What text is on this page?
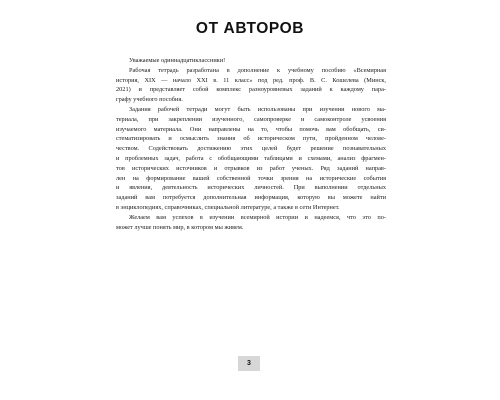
ОТ АВТОРОВ

Уважаемые одиннадцатиклассники!

Рабочая тетрадь разработана в дополнение к учебному пособию «Всемирная
история, XIX — начало XXI в. 11 класс» под ред. проф. В. С. Кошелева (Минск,
2021) и представляет собой комплекс разноуровневых заданий к каждому пара-
графу учебного пособия.

Задания рабочей тетради могут быть использованы при изучении нового ма-
териала, при закреплении изученного, самопроверке и самоконтроле усвоения
изучаемого материала. Они направлены на то, чтобы помочь вам обобщать, си-
стематизировать и осмыслить знания об историческом пути, пройденном челове-
чеством. Содействовать достижению этих целей будет решение познавательных
и проблемных задач, работа с обобщающими таблицами и схемами, анализ фрагмен-
тов исторических источников и отрывков из работ ученых. Ряд заданий направ-
лен на формирование вашей собственной точки зрения на исторические события
и явления, деятельность исторических личностей. При выполнении отдельных
заданий вам потребуется дополнительная информация, которую вы можете найти
в энциклопедиях, справочниках, специальной литературе, а также в сети Интернет.

Желаем вам успехов в изучении всемирной истории и надеемся, что это по-
может лучше понять мир, в котором мы живем.

3
